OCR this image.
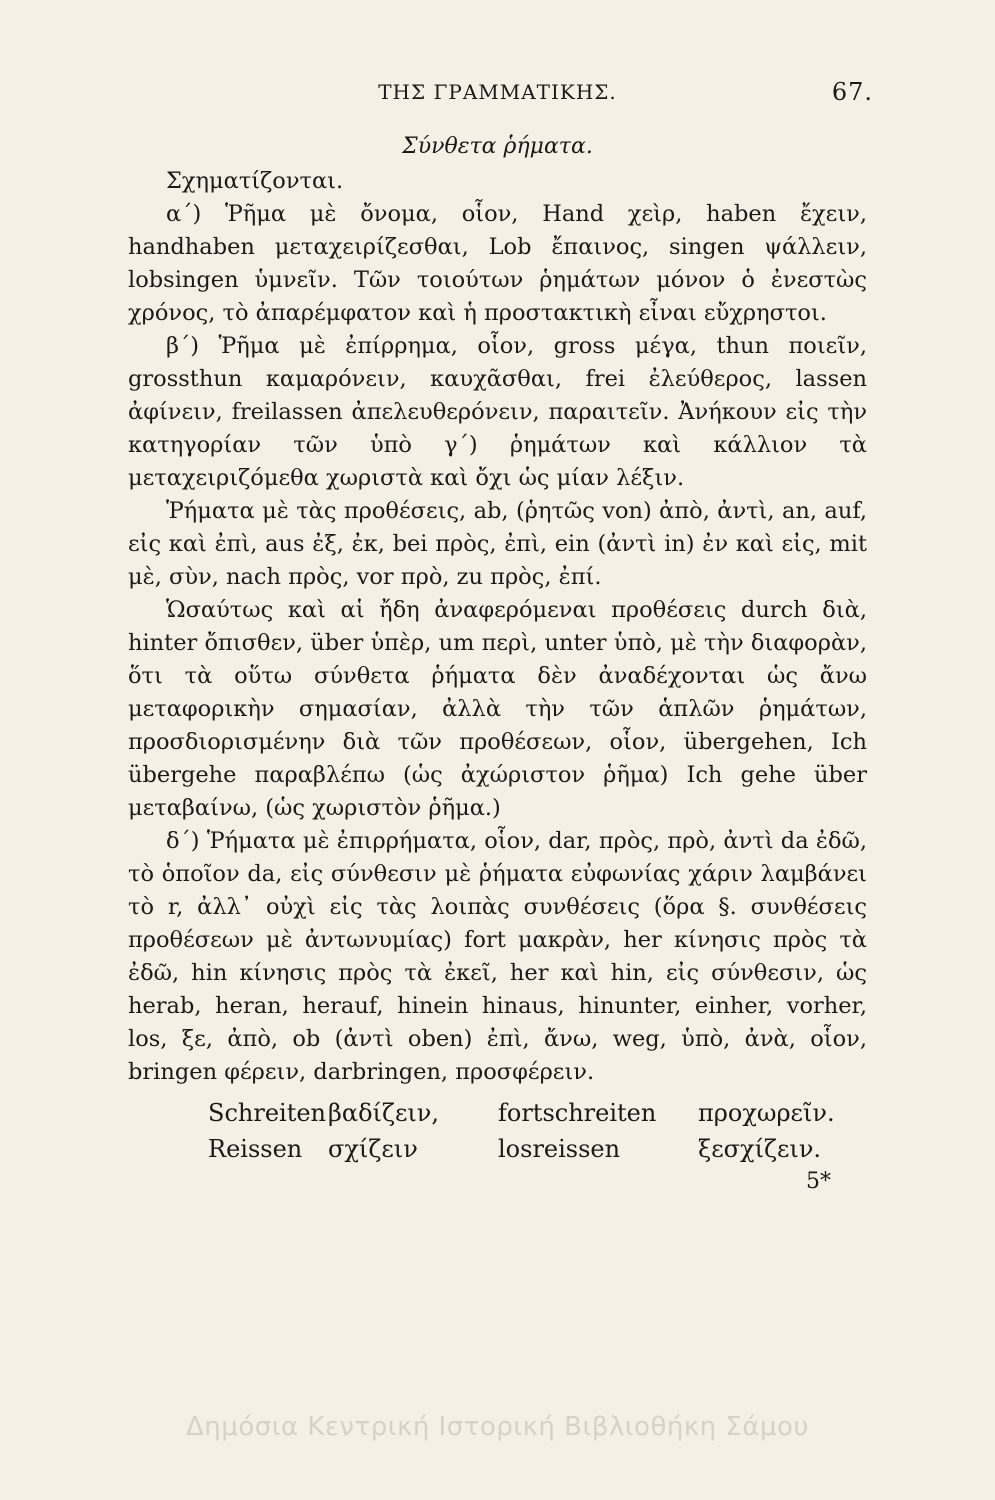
ΤΗΣ ΓΡΑΜΜΑΤΙΚΗΣ.	67.
Σύνθετα ῥήματα.

Σχηματίζονται.

α΄) Ῥῆμα μὲ ὄνομα, οἷον, Hand χεὶρ, haben ἔχειν, handhaben μεταχειρίζεσθαι, Lob ἔπαινος, singen ψάλλειν, lobsingen ὑμνεῖν. Τῶν τοιούτων ῥημάτων μόνον ὁ ἐνεστὼς χρόνος, τὸ ἀπαρέμφατον καὶ ἡ προστακτικὴ εἶναι εὔχρηστοι.

β΄) Ῥῆμα μὲ ἐπίρρημα, οἷον, gross μέγα, thun ποιεῖν, grossthun καμαρόνειν, καυχᾶσθαι, frei ἐλεύθερος, lassen ἀφίνειν, freilassen ἀπελευθερόνειν, παραιτεῖν. Ἀνήκουν εἰς τὴν κατηγορίαν τῶν ὑπὸ γ΄) ῥημάτων καὶ κάλλιον τὰ μεταχειριζόμεθα χωριστὰ καὶ ὄχι ὡς μίαν λέξιν.

Ῥήματα μὲ τὰς προθέσεις, ab, (ῥητῶς von) ἀπὸ, ἀντὶ, an, auf, εἰς καὶ ἐπὶ, aus ἐξ, ἐκ, bei πρὸς, ἐπὶ, ein (ἀντὶ in) ἐν καὶ εἰς, mit μὲ, σὺν, nach πρὸς, vor πρὸ, zu πρὸς, ἐπί.

Ὡσαύτως καὶ αἱ ἤδη ἀναφερόμεναι προθέσεις durch διὰ, hinter ὄπισθεν, über ὑπὲρ, um περὶ, unter ὑπὸ, μὲ τὴν διαφορὰν, ὅτι τὰ οὕτω σύνθετα ῥήματα δὲν ἀναδέχονται ὡς ἄνω μεταφορικὴν σημασίαν, ἀλλὰ τὴν τῶν ἁπλῶν ῥημάτων, προσδιορισμένην διὰ τῶν προθέσεων, οἷον, übergehen, Ich übergehe παραβλέπω (ὡς ἀχώριστον ῥῆμα) Ich gehe über μεταβαίνω, (ὡς χωριστὸν ῥῆμα.)

δ΄) Ῥήματα μὲ ἐπιρρήματα, οἷον, dar, πρὸς, πρὸ, ἀντὶ da ἐδῶ, τὸ ὁποῖον da, εἰς σύνθεσιν μὲ ῥήματα εὐφωνίας χάριν λαμβάνει τὸ r, ἀλλ᾽ οὐχὶ εἰς τὰς λοιπὰς συνθέσεις (ὅρα §. συνθέσεις προθέσεων μὲ ἀντωνυμίας) fort μακρὰν, her κίνησις πρὸς τὰ ἐδῶ, hin κίνησις πρὸς τὰ ἐκεῖ, her καὶ hin, εἰς σύνθεσιν, ὡς herab, heran, herauf, hinein hinaus, hinunter, einher, vorher, los, ξε, ἀπὸ, ob (ἀντὶ oben) ἐπὶ, ἄνω, weg, ὑπὸ, ἀνὰ, οἷον, bringen φέρειν, darbringen, προσφέρειν.

Schreiten βαδίζειν,	fortschreiten	προχωρεῖν.
Reissen	σχίζειν	losreissen	ξεσχίζειν.
5*
Δημόσια Κεντρική Ιστορική Βιβλιοθήκη Σάμου
